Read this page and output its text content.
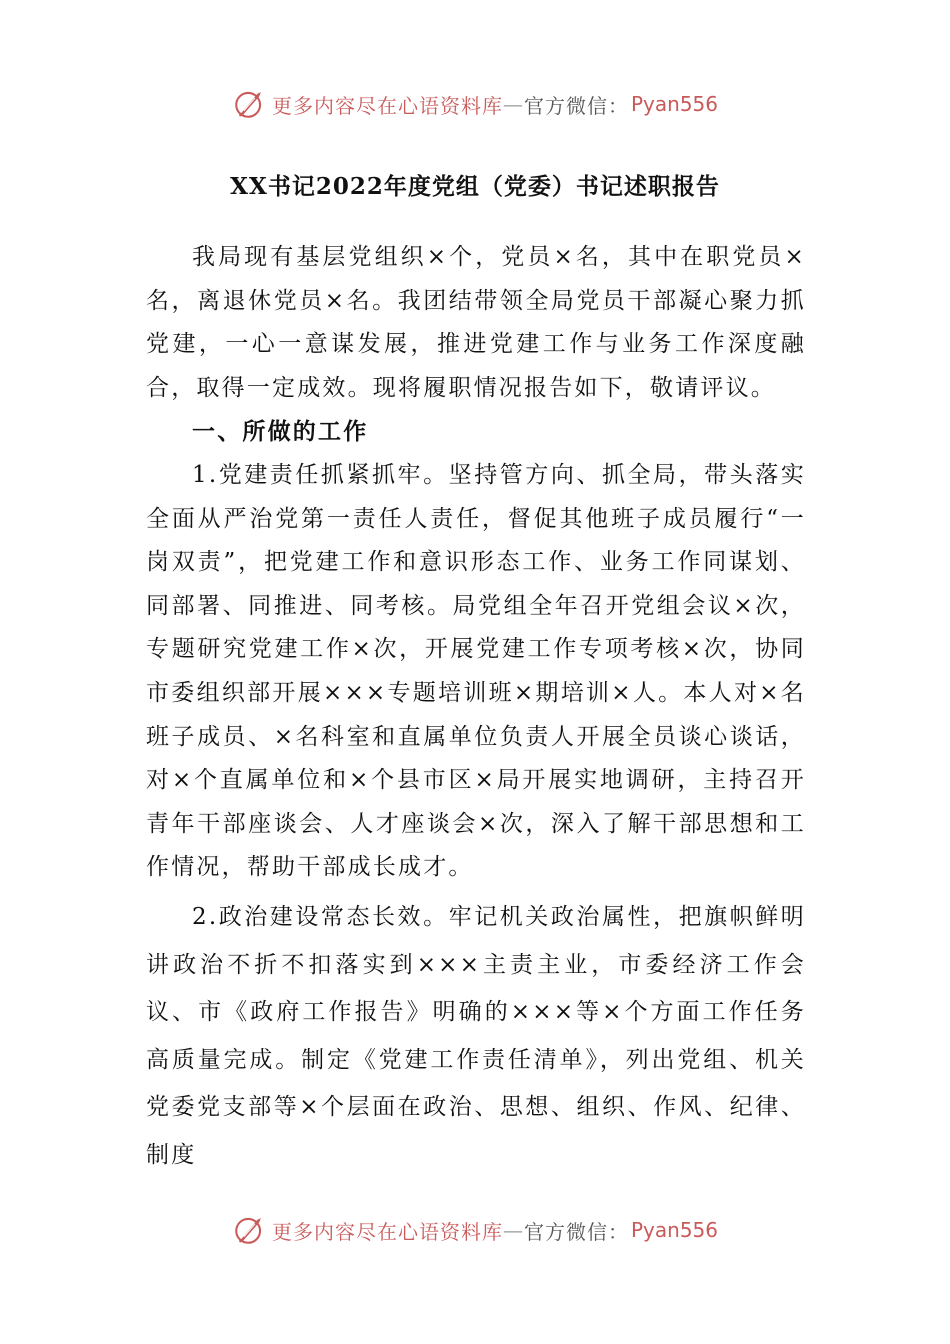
更多内容尽在心语资料库 — 官方微信： Pyan556
XX书记2022年度党组（党委）书记述职报告

我局现有基层党组织×个，党员×名，其中在职党员×名，离退休党员×名。我团结带领全局党员干部凝心聚力抓党建，一心一意谋发展，推进党建工作与业务工作深度融合，取得一定成效。现将履职情况报告如下，敬请评议。

一、所做的工作

1.党建责任抓紧抓牢。坚持管方向、抓全局，带头落实全面从严治党第一责任人责任，督促其他班子成员履行“一岗双责”，把党建工作和意识形态工作、业务工作同谋划、同部署、同推进、同考核。局党组全年召开党组会议×次，专题研究党建工作×次，开展党建工作专项考核×次，协同市委组织部开展×××专题培训班×期培训×人。本人对×名班子成员、×名科室和直属单位负责人开展全员谈心谈话，对×个直属单位和×个县市区×局开展实地调研，主持召开青年干部座谈会、人才座谈会×次，深入了解干部思想和工作情况，帮助干部成长成才。

2.政治建设常态长效。牢记机关政治属性，把旗帜鲜明讲政治不折不扣落实到×××主责主业，市委经济工作会议、市《政府工作报告》明确的×××等×个方面工作任务高质量完成。制定《党建工作责任清单》，列出党组、机关党委党支部等×个层面在政治、思想、组织、作风、纪律、制度

更多内容尽在心语资料库 — 官方微信： Pyan556
